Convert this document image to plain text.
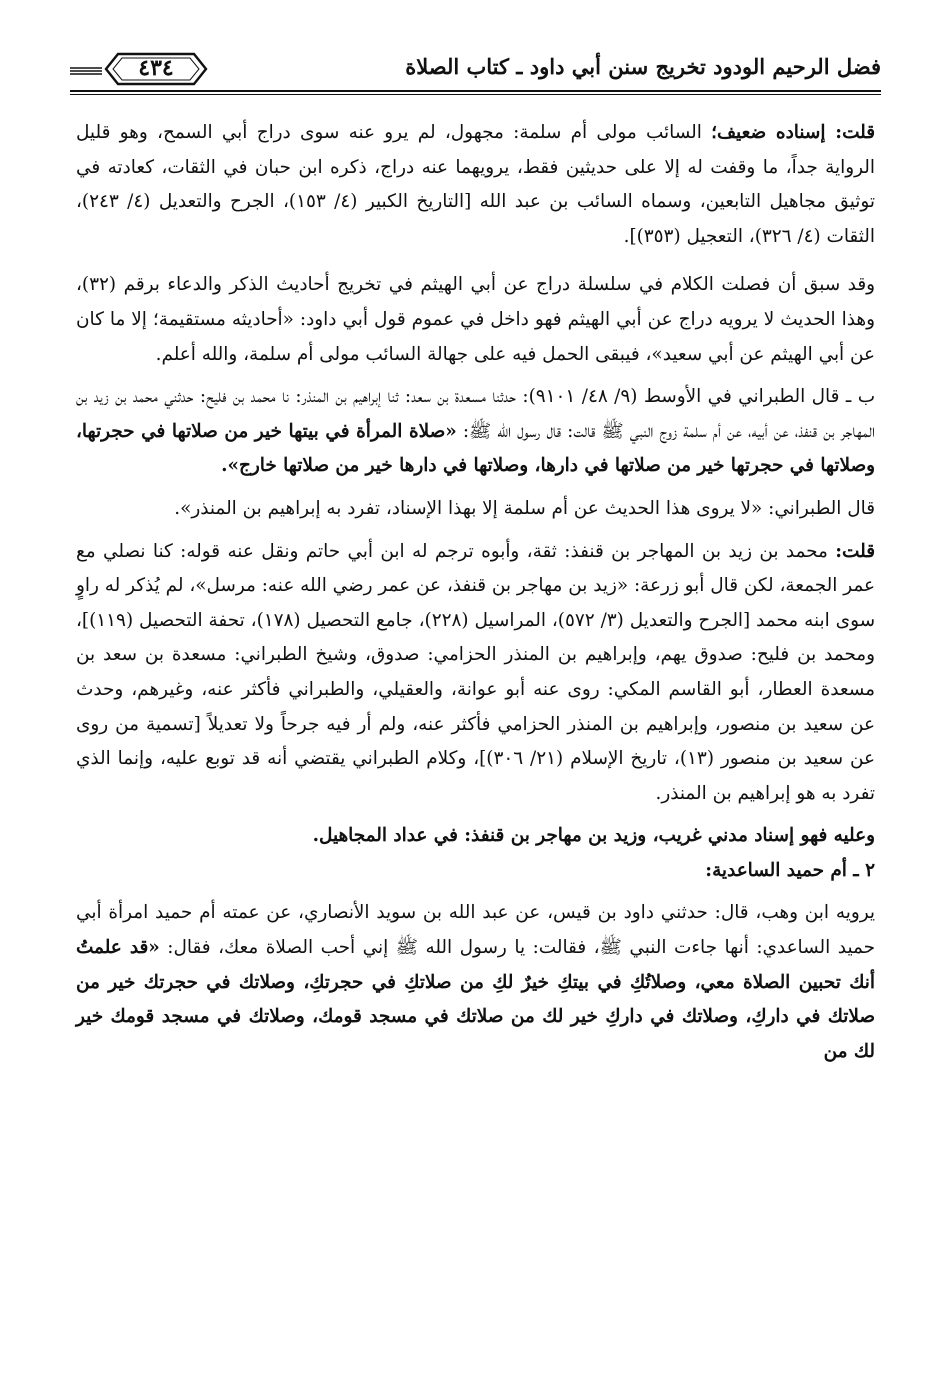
فضل الرحيم الودود تخريج سنن أبي داود ـ كتاب الصلاة
٤٣٤

قلت: إسناده ضعيف؛ السائب مولى أم سلمة: مجهول، لم يرو عنه سوى دراج أبي السمح، وهو قليل الرواية جداً، ما وقفت له إلا على حديثين فقط، يرويهما عنه دراج، ذكره ابن حبان في الثقات، كعادته في توثيق مجاهيل التابعين، وسماه السائب بن عبد الله [التاريخ الكبير (٤/ ١٥٣)، الجرح والتعديل (٤/ ٢٤٣)، الثقات (٤/ ٣٢٦)، التعجيل (٣٥٣)].

وقد سبق أن فصلت الكلام في سلسلة دراج عن أبي الهيثم في تخريج أحاديث الذكر والدعاء برقم (٣٢)، وهذا الحديث لا يرويه دراج عن أبي الهيثم فهو داخل في عموم قول أبي داود: «أحاديثه مستقيمة؛ إلا ما كان عن أبي الهيثم عن أبي سعيد»، فيبقى الحمل فيه على جهالة السائب مولى أم سلمة، والله أعلم.

ب ـ قال الطبراني في الأوسط (٩/ ٤٨/ ٩١٠١): حدثنا مسعدة بن سعد: ثنا إبراهيم بن المنذر: نا محمد بن فليح: حدثني محمد بن زيد بن المهاجر بن قنفذ، عن أبيه، عن أم سلمة زوج النبي ﷺ قالت: قال رسول الله ﷺ: «صلاة المرأة في بيتها خير من صلاتها في حجرتها، وصلاتها في حجرتها خير من صلاتها في دارها، وصلاتها في دارها خير من صلاتها خارج».

قال الطبراني: «لا يروى هذا الحديث عن أم سلمة إلا بهذا الإسناد، تفرد به إبراهيم بن المنذر».

قلت: محمد بن زيد بن المهاجر بن قنفذ: ثقة، وأبوه ترجم له ابن أبي حاتم ونقل عنه قوله: كنا نصلي مع عمر الجمعة، لكن قال أبو زرعة: «زيد بن مهاجر بن قنفذ، عن عمر رضي الله عنه: مرسل»، لم يُذكر له راوٍ سوى ابنه محمد [الجرح والتعديل (٣/ ٥٧٢)، المراسيل (٢٢٨)، جامع التحصيل (١٧٨)، تحفة التحصيل (١١٩)]، ومحمد بن فليح: صدوق يهم، وإبراهيم بن المنذر الحزامي: صدوق، وشيخ الطبراني: مسعدة بن سعد بن مسعدة العطار، أبو القاسم المكي: روى عنه أبو عوانة، والعقيلي، والطبراني فأكثر عنه، وغيرهم، وحدث عن سعيد بن منصور، وإبراهيم بن المنذر الحزامي فأكثر عنه، ولم أر فيه جرحاً ولا تعديلاً [تسمية من روى عن سعيد بن منصور (١٣)، تاريخ الإسلام (٢١/ ٣٠٦)]، وكلام الطبراني يقتضي أنه قد توبع عليه، وإنما الذي تفرد به هو إبراهيم بن المنذر.

وعليه فهو إسناد مدني غريب، وزيد بن مهاجر بن قنفذ: في عداد المجاهيل.

٢ ـ أم حميد الساعدية:

يرويه ابن وهب، قال: حدثني داود بن قيس، عن عبد الله بن سويد الأنصاري، عن عمته أم حميد امرأة أبي حميد الساعدي: أنها جاءت النبي ﷺ، فقالت: يا رسول الله ﷺ إني أحب الصلاة معك، فقال: «قد علمتُ أنك تحبين الصلاة معي، وصلاتُكِ في بيتكِ خيرٌ لكِ من صلاتكِ في حجرتكِ، وصلاتك في حجرتك خير من صلاتك في داركِ، وصلاتك في داركِ خير لك من صلاتك في مسجد قومك، وصلاتك في مسجد قومك خير لك من
